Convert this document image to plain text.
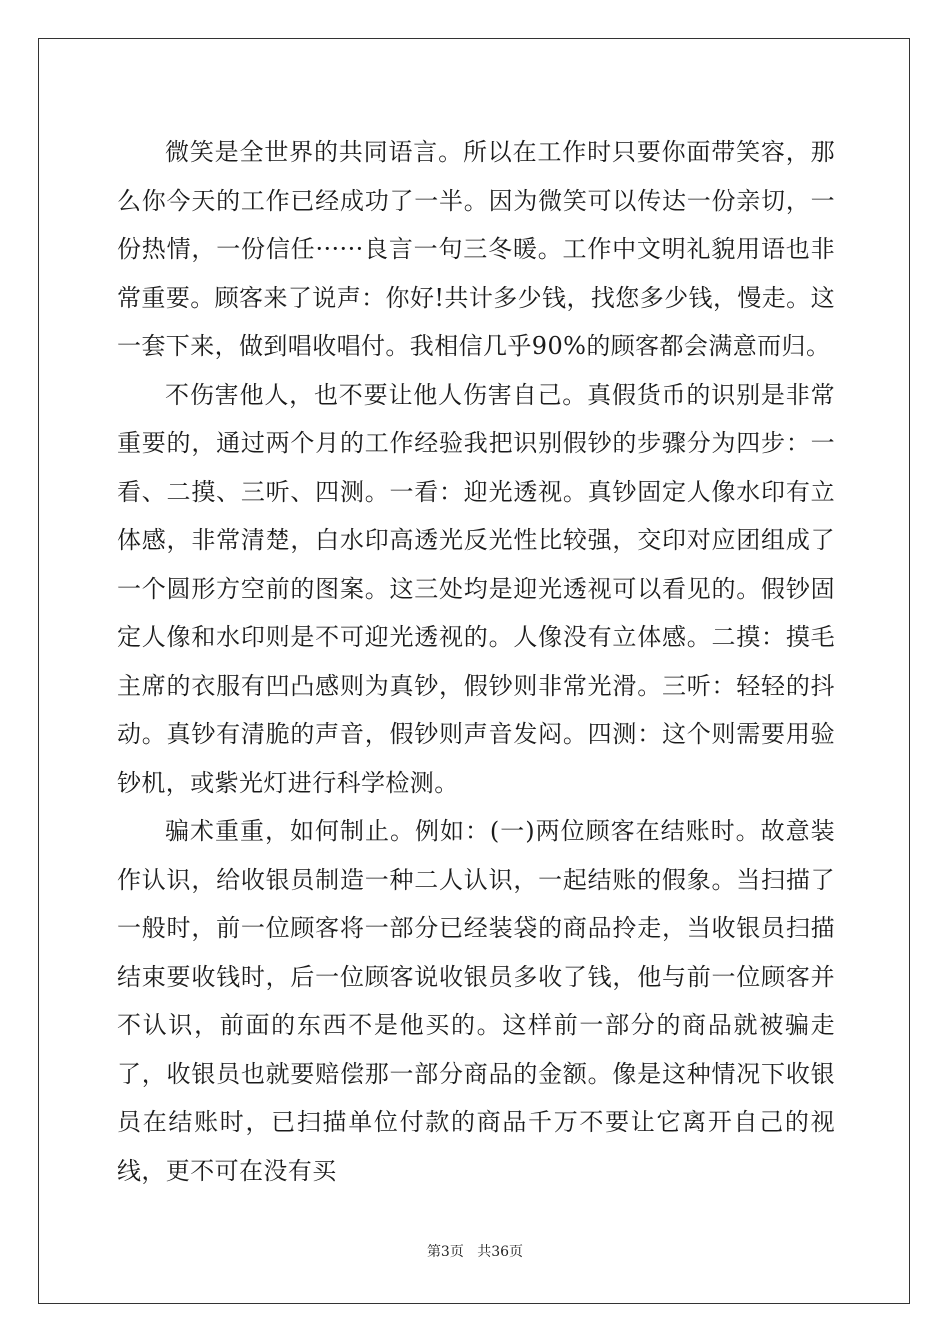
微笑是全世界的共同语言。所以在工作时只要你面带笑容，那么你今天的工作已经成功了一半。因为微笑可以传达一份亲切，一份热情，一份信任······良言一句三冬暖。工作中文明礼貌用语也非常重要。顾客来了说声：你好!共计多少钱，找您多少钱，慢走。这一套下来，做到唱收唱付。我相信几乎90%的顾客都会满意而归。

不伤害他人，也不要让他人伤害自己。真假货币的识别是非常重要的，通过两个月的工作经验我把识别假钞的步骤分为四步：一看、二摸、三听、四测。一看：迎光透视。真钞固定人像水印有立体感，非常清楚，白水印高透光反光性比较强，交印对应团组成了一个圆形方空前的图案。这三处均是迎光透视可以看见的。假钞固定人像和水印则是不可迎光透视的。人像没有立体感。二摸：摸毛主席的衣服有凹凸感则为真钞，假钞则非常光滑。三听：轻轻的抖动。真钞有清脆的声音，假钞则声音发闷。四测：这个则需要用验钞机，或紫光灯进行科学检测。

骗术重重，如何制止。例如：(一)两位顾客在结账时。故意装作认识，给收银员制造一种二人认识，一起结账的假象。当扫描了一般时，前一位顾客将一部分已经装袋的商品拎走，当收银员扫描结束要收钱时，后一位顾客说收银员多收了钱，他与前一位顾客并不认识，前面的东西不是他买的。这样前一部分的商品就被骗走了，收银员也就要赔偿那一部分商品的金额。像是这种情况下收银员在结账时，已扫描单位付款的商品千万不要让它离开自己的视线，更不可在没有买

第3页 共36页
